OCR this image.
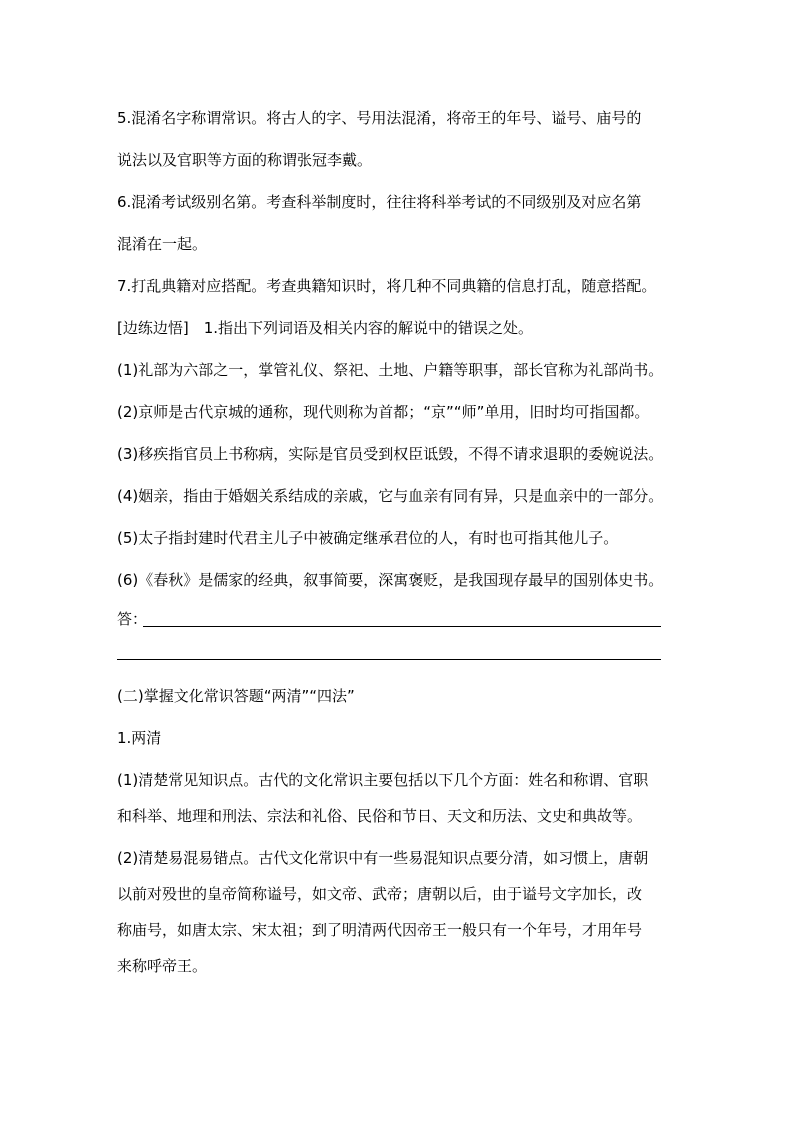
5.混淆名字称谓常识。将古人的字、号用法混淆，将帝王的年号、谥号、庙号的
说法以及官职等方面的称谓张冠李戴。
6.混淆考试级别名第。考查科举制度时，往往将科举考试的不同级别及对应名第
混淆在一起。
7.打乱典籍对应搭配。考查典籍知识时，将几种不同典籍的信息打乱，随意搭配。
[边练边悟]　1.指出下列词语及相关内容的解说中的错误之处。
(1)礼部为六部之一，掌管礼仪、祭祀、土地、户籍等职事，部长官称为礼部尚书。
(2)京师是古代京城的通称，现代则称为首都；“京”“师”单用，旧时均可指国都。
(3)移疾指官员上书称病，实际是官员受到权臣诋毁，不得不请求退职的委婉说法。
(4)姻亲，指由于婚姻关系结成的亲戚，它与血亲有同有异，只是血亲中的一部分。
(5)太子指封建时代君主儿子中被确定继承君位的人，有时也可指其他儿子。
(6)《春秋》是儒家的经典，叙事简要，深寓褒贬，是我国现存最早的国别体史书。
答：
(二)掌握文化常识答题“两清”“四法”
1.两清
(1)清楚常见知识点。古代的文化常识主要包括以下几个方面：姓名和称谓、官职
和科举、地理和刑法、宗法和礼俗、民俗和节日、天文和历法、文史和典故等。
(2)清楚易混易错点。古代文化常识中有一些易混知识点要分清，如习惯上，唐朝
以前对殁世的皇帝简称谥号，如文帝、武帝；唐朝以后，由于谥号文字加长，改
称庙号，如唐太宗、宋太祖；到了明清两代因帝王一般只有一个年号，才用年号
来称呼帝王。
